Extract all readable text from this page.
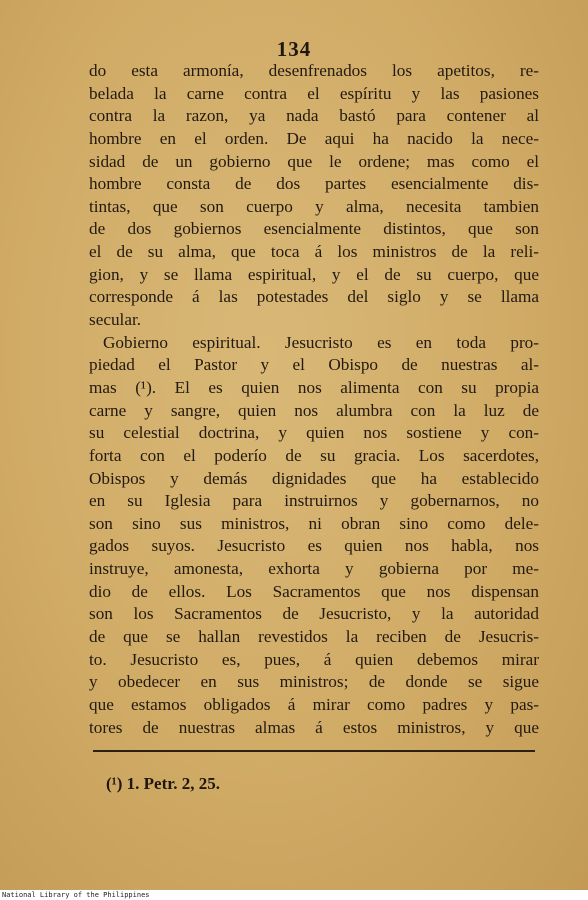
134
do esta armonía, desenfrenados los apetitos, re-
belada la carne contra el espíritu y las pasiones
contra la razon, ya nada bastó para contener al
hombre en el orden. De aqui ha nacido la nece-
sidad de un gobierno que le ordene; mas como el
hombre consta de dos partes esencialmente dis-
tintas, que son cuerpo y alma, necesita tambien
de dos gobiernos esencialmente distintos, que son
el de su alma, que toca á los ministros de la reli-
gion, y se llama espiritual, y el de su cuerpo, que
corresponde á las potestades del siglo y se llama
secular.
Gobierno espiritual. Jesucristo es en toda pro-
piedad el Pastor y el Obispo de nuestras al-
mas (¹). El es quien nos alimenta con su propia
carne y sangre, quien nos alumbra con la luz de
su celestial doctrina, y quien nos sostiene y con-
forta con el poderío de su gracia. Los sacerdotes,
Obispos y demás dignidades que ha establecido
en su Iglesia para instruirnos y gobernarnos, no
son sino sus ministros, ni obran sino como dele-
gados suyos. Jesucristo es quien nos habla, nos
instruye, amonesta, exhorta y gobierna por me-
dio de ellos. Los Sacramentos que nos dispensan
son los Sacramentos de Jesucristo, y la autoridad
de que se hallan revestidos la reciben de Jesucris-
to. Jesucristo es, pues, á quien debemos mirar
y obedecer en sus ministros; de donde se sigue
que estamos obligados á mirar como padres y pas-
tores de nuestras almas á estos ministros, y que
(¹) 1. Petr. 2, 25.
National Library of the Philippines
